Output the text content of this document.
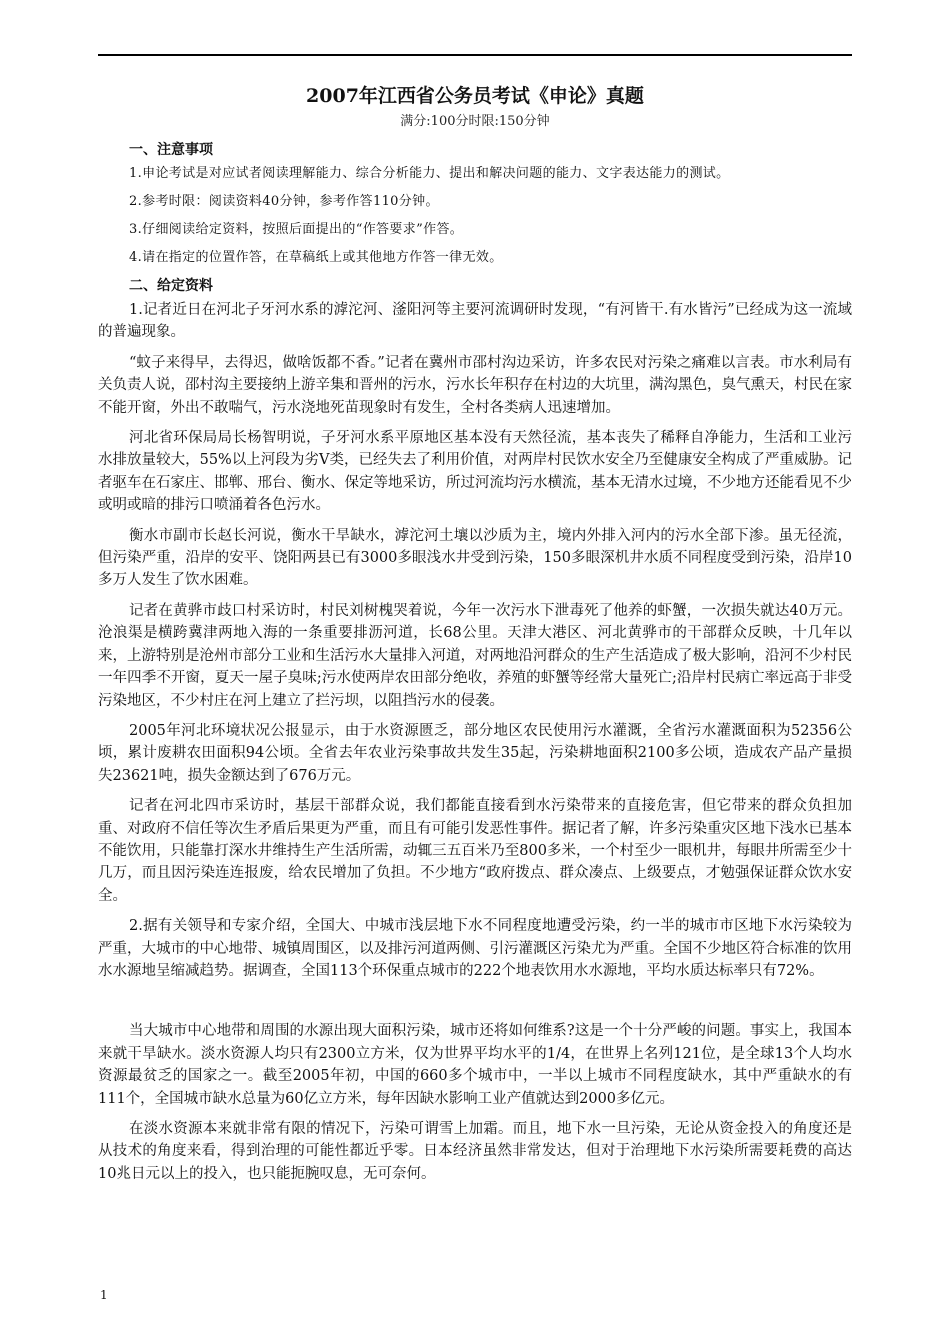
2007年江西省公务员考试《申论》真题

满分:100分时限:150分钟

一、注意事项

1.申论考试是对应试者阅读理解能力、综合分析能力、提出和解决问题的能力、文字表达能力的测试。

2.参考时限：阅读资料40分钟，参考作答110分钟。

3.仔细阅读给定资料，按照后面提出的“作答要求”作答。

4.请在指定的位置作答，在草稿纸上或其他地方作答一律无效。

二、给定资料

1.记者近日在河北子牙河水系的滹沱河、滏阳河等主要河流调研时发现，“有河皆干.有水皆污”已经成为这一流域的普遍现象。

“蚊子来得早，去得迟，做啥饭都不香。”记者在冀州市邵村沟边采访，许多农民对污染之痛难以言表。市水利局有关负责人说，邵村沟主要接纳上游辛集和晋州的污水，污水长年积存在村边的大坑里，满沟黑色，臭气熏天，村民在家不能开窗，外出不敢喘气，污水浇地死苗现象时有发生，全村各类病人迅速增加。

河北省环保局局长杨智明说，子牙河水系平原地区基本没有天然径流，基本丧失了稀释自净能力，生活和工业污水排放量较大，55%以上河段为劣Ⅴ类，已经失去了利用价值，对两岸村民饮水安全乃至健康安全构成了严重威胁。记者驱车在石家庄、邯郸、邢台、衡水、保定等地采访，所过河流均污水横流，基本无清水过境，不少地方还能看见不少或明或暗的排污口喷涌着各色污水。

衡水市副市长赵长河说，衡水干旱缺水，滹沱河土壤以沙质为主，境内外排入河内的污水全部下渗。虽无径流，但污染严重，沿岸的安平、饶阳两县已有3000多眼浅水井受到污染，150多眼深机井水质不同程度受到污染，沿岸10多万人发生了饮水困难。

记者在黄骅市歧口村采访时，村民刘树槐哭着说，今年一次污水下泄毒死了他养的虾蟹，一次损失就达40万元。沧浪渠是横跨冀津两地入海的一条重要排沥河道，长68公里。天津大港区、河北黄骅市的干部群众反映，十几年以来，上游特别是沧州市部分工业和生活污水大量排入河道，对两地沿河群众的生产生活造成了极大影响，沿河不少村民一年四季不开窗，夏天一屋子臭味;污水使两岸农田部分绝收，养殖的虾蟹等经常大量死亡;沿岸村民病亡率远高于非受污染地区，不少村庄在河上建立了拦污坝，以阻挡污水的侵袭。

2005年河北环境状况公报显示，由于水资源匮乏，部分地区农民使用污水灌溉，全省污水灌溉面积为52356公顷，累计废耕农田面积94公顷。全省去年农业污染事故共发生35起，污染耕地面积2100多公顷，造成农产品产量损失23621吨，损失金额达到了676万元。

记者在河北四市采访时，基层干部群众说，我们都能直接看到水污染带来的直接危害，但它带来的群众负担加重、对政府不信任等次生矛盾后果更为严重，而且有可能引发恶性事件。据记者了解，许多污染重灾区地下浅水已基本不能饮用，只能靠打深水井维持生产生活所需，动辄三五百米乃至800多米，一个村至少一眼机井，每眼井所需至少十几万，而且因污染连连报废，给农民增加了负担。不少地方“政府拨点、群众凑点、上级要点，才勉强保证群众饮水安全。

2.据有关领导和专家介绍，全国大、中城市浅层地下水不同程度地遭受污染，约一半的城市市区地下水污染较为严重，大城市的中心地带、城镇周围区，以及排污河道两侧、引污灌溉区污染尤为严重。全国不少地区符合标准的饮用水水源地呈缩减趋势。据调查，全国113个环保重点城市的222个地表饮用水水源地，平均水质达标率只有72%。

当大城市中心地带和周围的水源出现大面积污染，城市还将如何维系?这是一个十分严峻的问题。事实上，我国本来就干旱缺水。淡水资源人均只有2300立方米，仅为世界平均水平的1/4，在世界上名列121位，是全球13个人均水资源最贫乏的国家之一。截至2005年初，中国的660多个城市中，一半以上城市不同程度缺水，其中严重缺水的有111个，全国城市缺水总量为60亿立方米，每年因缺水影响工业产值就达到2000多亿元。

在淡水资源本来就非常有限的情况下，污染可谓雪上加霜。而且，地下水一旦污染，无论从资金投入的角度还是从技术的角度来看，得到治理的可能性都近乎零。日本经济虽然非常发达，但对于治理地下水污染所需要耗费的高达10兆日元以上的投入，也只能扼腕叹息，无可奈何。

1
